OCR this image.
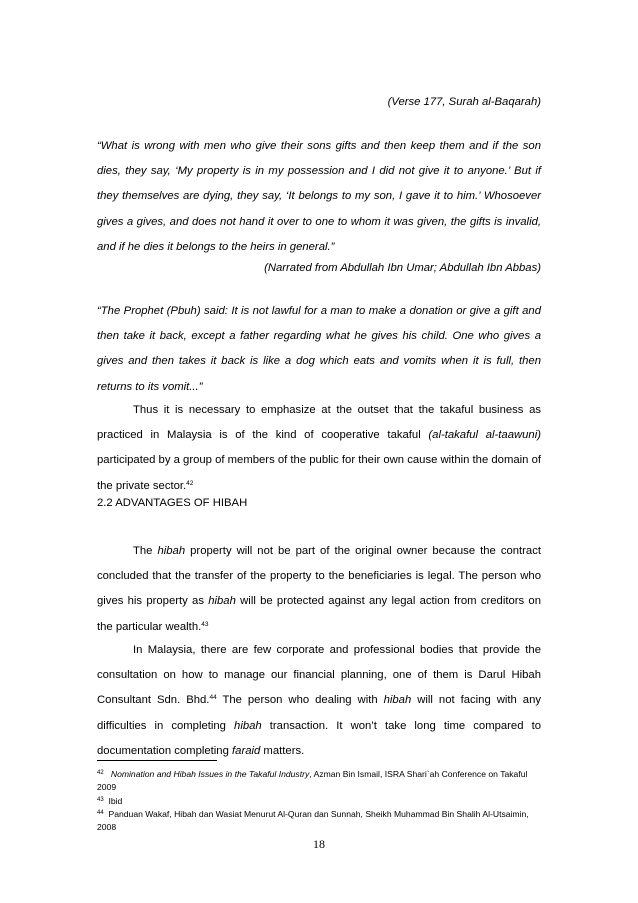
(Verse 177, Surah al-Baqarah)
“What is wrong with men who give their sons gifts and then keep them and if the son dies, they say, ‘My property is in my possession and I did not give it to anyone.’ But if they themselves are dying, they say, ‘It belongs to my son, I gave it to him.’ Whosoever gives a gives, and does not hand it over to one to whom it was given, the gifts is invalid, and if he dies it belongs to the heirs in general.”
(Narrated from Abdullah Ibn Umar; Abdullah Ibn Abbas)
“The Prophet (Pbuh) said: It is not lawful for a man to make a donation or give a gift and then take it back, except a father regarding what he gives his child. One who gives a gives and then takes it back is like a dog which eats and vomits when it is full, then returns to its vomit...”
Thus it is necessary to emphasize at the outset that the takaful business as practiced in Malaysia is of the kind of cooperative takaful (al-takaful al-taawuni) participated by a group of members of the public for their own cause within the domain of the private sector.$^{42}$
2.2 ADVANTAGES OF HIBAH
The hibah property will not be part of the original owner because the contract concluded that the transfer of the property to the beneficiaries is legal. The person who gives his property as hibah will be protected against any legal action from creditors on the particular wealth.$^{43}$
In Malaysia, there are few corporate and professional bodies that provide the consultation on how to manage our financial planning, one of them is Darul Hibah Consultant Sdn. Bhd.$^{44}$ The person who dealing with hibah will not facing with any difficulties in completing hibah transaction. It won’t take long time compared to documentation completing faraid matters.
$^{42}$ Nomination and Hibah Issues in the Takaful Industry, Azman Bin Ismail, ISRA Shari`ah Conference on Takaful 2009
$^{43}$ Ibid
$^{44}$ Panduan Wakaf, Hibah dan Wasiat Menurut Al-Quran dan Sunnah, Sheikh Muhammad Bin Shalih Al-Utsaimin, 2008
18
